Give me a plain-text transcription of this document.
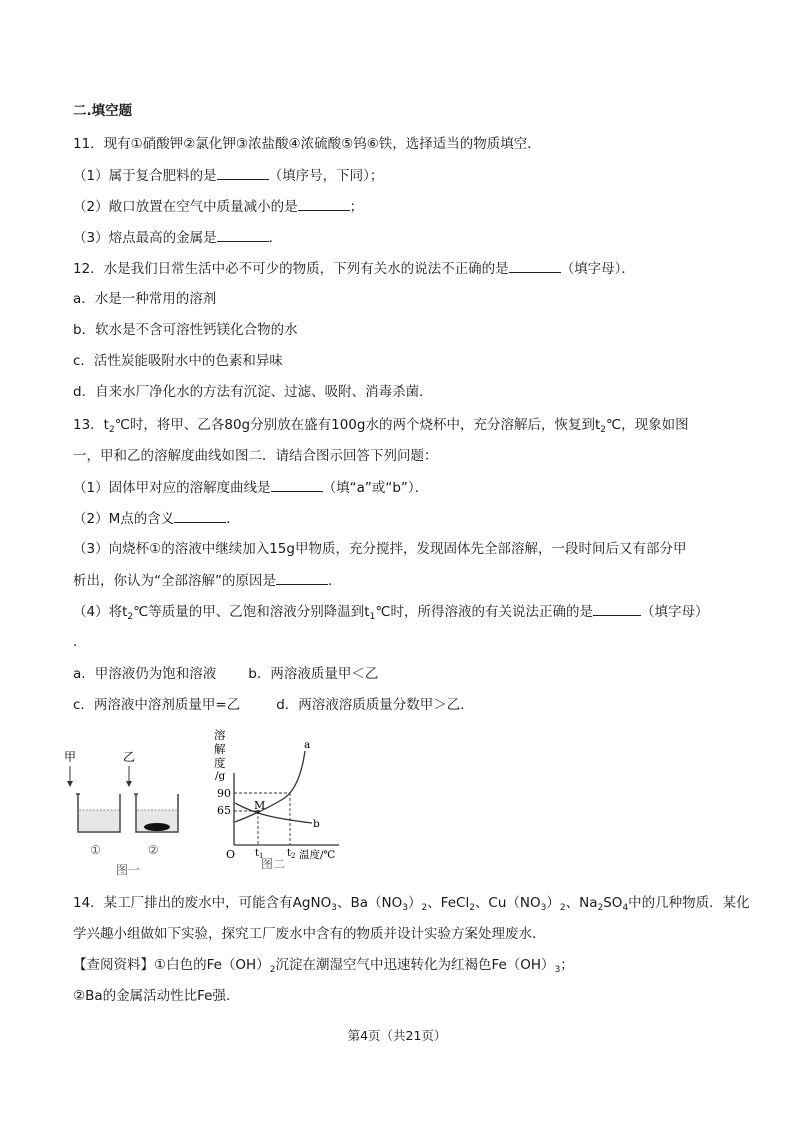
二.填空题
11．现有①硝酸钾②氯化钾③浓盐酸④浓硫酸⑤钨⑥铁，选择适当的物质填空．
（1）属于复合肥料的是	（填序号，下同）；
（2）敞口放置在空气中质量减小的是	；
（3）熔点最高的金属是	．
12．水是我们日常生活中必不可少的物质，下列有关水的说法不正确的是	（填字母）．
a．水是一种常用的溶剂
b．软水是不含可溶性钙镁化合物的水
c．活性炭能吸附水中的色素和异味
d．自来水厂净化水的方法有沉淀、过滤、吸附、消毒杀菌．
13．$t_2℃$时，将甲、乙各80g分别放在盛有100g水的两个烧杯中，充分溶解后，恢复到$t_2℃$，现象如图
一，甲和乙的溶解度曲线如图二．请结合图示回答下列问题：
（1）固体甲对应的溶解度曲线是	（填“a”或“b”）．
（2）M点的含义	．
（3）向烧杯①的溶液中继续加入15g甲物质，充分搅拌，发现固体先全部溶解，一段时间后又有部分甲
析出，你认为“全部溶解”的原因是	．
（4）将$t_2℃$等质量的甲、乙饱和溶液分别降温到$t_1℃$时，所得溶液的有关说法正确的是	（填字母）
．
a．甲溶液仍为饱和溶液 b．两溶液质量甲＜乙
c．两溶液中溶剂质量甲=乙	d．两溶液溶质质量分数甲＞乙．
甲	乙
①	②
图一
溶
解
度
/g
90
65 M
a
b
O $t_1$ $t_2$ 温度/℃
图二
14．某工厂排出的废水中，可能含有AgNO$_3$、$Ba(NO_3)_2$、FeCl$_2$、$Cu(NO_3)_2$、$Na_2SO_4$中的几种物质．某化
学兴趣小组做如下实验，探究工厂废水中含有的物质并设计实验方案处理废水．
【查阅资料】①白色的$Fe(OH)_2$沉淀在潮湿空气中迅速转化为红褐色$Fe(OH)_3$；
②Ba的金属活动性比Fe强．
第4页（共21页）
